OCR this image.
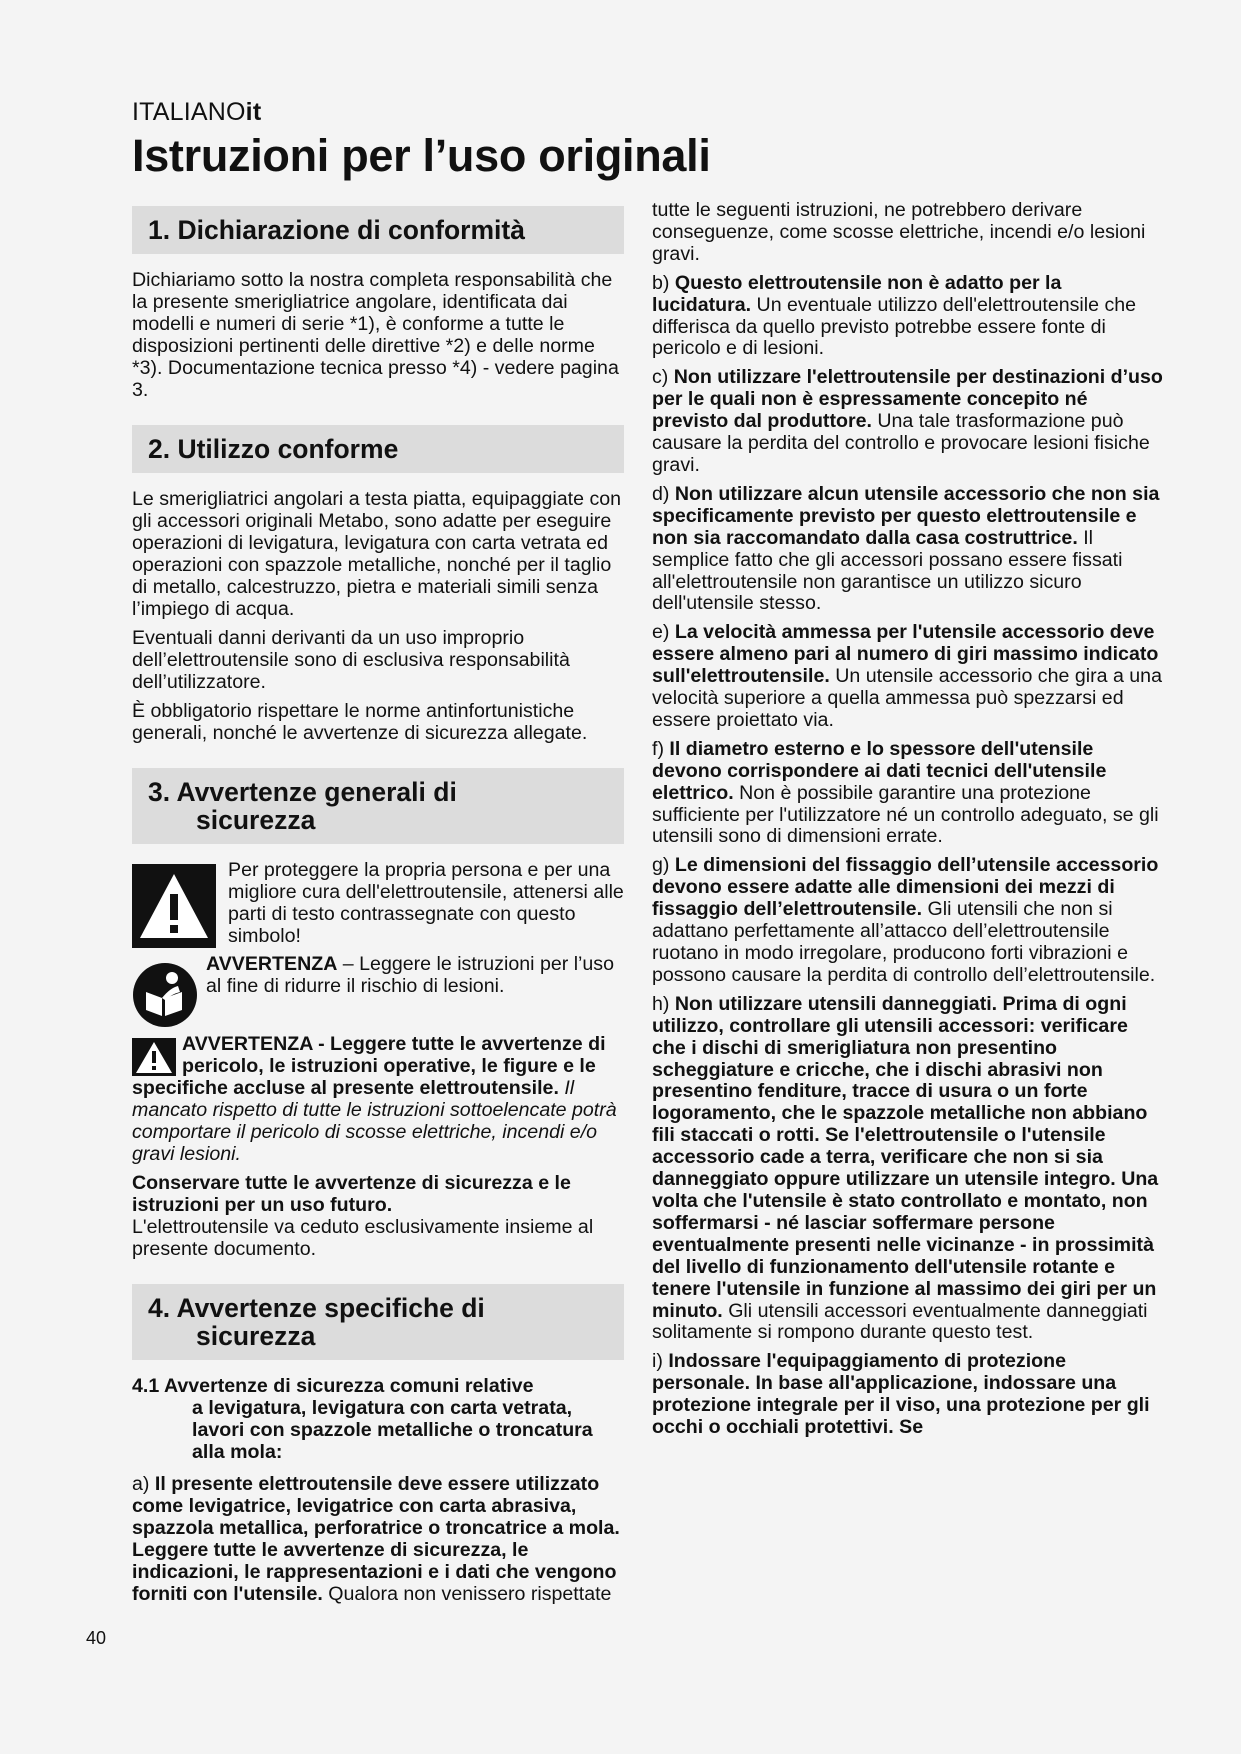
ITALIANOit
Istruzioni per l’uso originali
1. Dichiarazione di conformità

Dichiariamo sotto la nostra completa responsabilità che la presente smerigliatrice angolare, identificata dai modelli e numeri di serie *1), è conforme a tutte le disposizioni pertinenti delle direttive *2) e delle norme *3). Documentazione tecnica presso *4) - vedere pagina 3.

2. Utilizzo conforme

Le smerigliatrici angolari a testa piatta, equipaggiate con gli accessori originali Metabo, sono adatte per eseguire operazioni di levigatura, levigatura con carta vetrata ed operazioni con spazzole metalliche, nonché per il taglio di metallo, calcestruzzo, pietra e materiali simili senza l’impiego di acqua.

Eventuali danni derivanti da un uso improprio dell’elettroutensile sono di esclusiva responsabilità dell’utilizzatore.

È obbligatorio rispettare le norme antinfortunistiche generali, nonché le avvertenze di sicurezza allegate.

3. Avvertenze generali di
sicurezza
Per proteggere la propria persona e per una migliore cura dell'elettroutensile, attenersi alle parti di testo contrassegnate con questo simbolo!
AVVERTENZA – Leggere le istruzioni per l’uso al fine di ridurre il rischio di lesioni.

AVVERTENZA - Leggere tutte le avvertenze di pericolo, le istruzioni operative, le figure e le specifiche accluse al presente elettroutensile. Il mancato rispetto di tutte le istruzioni sottoelencate potrà comportare il pericolo di scosse elettriche, incendi e/o gravi lesioni.

Conservare tutte le avvertenze di sicurezza e le istruzioni per un uso futuro.
L'elettroutensile va ceduto esclusivamente insieme al presente documento.

4. Avvertenze specifiche di
sicurezza
4.1 Avvertenze di sicurezza comuni relative
a levigatura, levigatura con carta vetrata, lavori con spazzole metalliche o troncatura alla mola:

a) Il presente elettroutensile deve essere utilizzato come levigatrice, levigatrice con carta abrasiva, spazzola metallica, perforatrice o troncatrice a mola. Leggere tutte le avvertenze di sicurezza, le indicazioni, le rappresentazioni e i dati che vengono forniti con l'utensile. Qualora non venissero rispettate

tutte le seguenti istruzioni, ne potrebbero derivare conseguenze, come scosse elettriche, incendi e/o lesioni gravi.

b) Questo elettroutensile non è adatto per la lucidatura. Un eventuale utilizzo dell'elettroutensile che differisca da quello previsto potrebbe essere fonte di pericolo e di lesioni.

c) Non utilizzare l'elettroutensile per destinazioni d’uso per le quali non è espressamente concepito né previsto dal produttore. Una tale trasformazione può causare la perdita del controllo e provocare lesioni fisiche gravi.

d) Non utilizzare alcun utensile accessorio che non sia specificamente previsto per questo elettroutensile e non sia raccomandato dalla casa costruttrice. Il semplice fatto che gli accessori possano essere fissati all'elettroutensile non garantisce un utilizzo sicuro dell'utensile stesso.

e) La velocità ammessa per l'utensile accessorio deve essere almeno pari al numero di giri massimo indicato sull'elettroutensile. Un utensile accessorio che gira a una velocità superiore a quella ammessa può spezzarsi ed essere proiettato via.

f) Il diametro esterno e lo spessore dell'utensile devono corrispondere ai dati tecnici dell'utensile elettrico. Non è possibile garantire una protezione sufficiente per l'utilizzatore né un controllo adeguato, se gli utensili sono di dimensioni errate.

g) Le dimensioni del fissaggio dell’utensile accessorio devono essere adatte alle dimensioni dei mezzi di fissaggio dell’elettroutensile. Gli utensili che non si adattano perfettamente all’attacco dell’elettroutensile ruotano in modo irregolare, producono forti vibrazioni e possono causare la perdita di controllo dell’elettroutensile.

h) Non utilizzare utensili danneggiati. Prima di ogni utilizzo, controllare gli utensili accessori: verificare che i dischi di smerigliatura non presentino scheggiature e cricche, che i dischi abrasivi non presentino fenditure, tracce di usura o un forte logoramento, che le spazzole metalliche non abbiano fili staccati o rotti. Se l'elettroutensile o l'utensile accessorio cade a terra, verificare che non si sia danneggiato oppure utilizzare un utensile integro. Una volta che l'utensile è stato controllato e montato, non soffermarsi - né lasciar soffermare persone eventualmente presenti nelle vicinanze - in prossimità del livello di funzionamento dell'utensile rotante e tenere l'utensile in funzione al massimo dei giri per un minuto. Gli utensili accessori eventualmente danneggiati solitamente si rompono durante questo test.

i) Indossare l'equipaggiamento di protezione personale. In base all'applicazione, indossare una protezione integrale per il viso, una protezione per gli occhi o occhiali protettivi. Se

40
